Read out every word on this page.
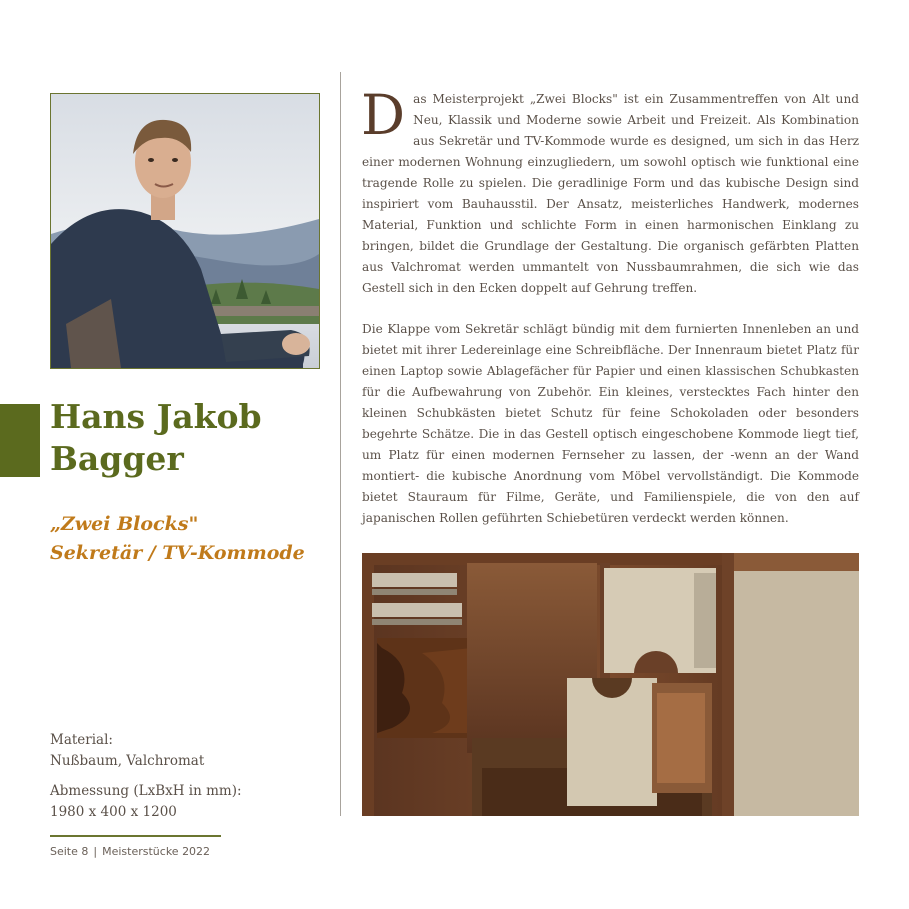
Hans Jakob
Bagger
„Zwei Blocks"
Sekretär / TV-Kommode
Material:
Nußbaum, Valchromat
Abmessung (LxBxH in mm):
1980 x 400 x 1200
Seite 8 | Meisterstücke 2022

Das Meisterprojekt „Zwei Blocks" ist ein Zusammentreffen von Alt und Neu, Klassik und Moderne sowie Arbeit und Freizeit. Als Kombination aus Sekretär und TV-Kommode wurde es designed, um sich in das Herz einer modernen Wohnung einzugliedern, um sowohl optisch wie funktional eine tragende Rolle zu spielen. Die geradlinige Form und das kubische Design sind inspiriert vom Bauhausstil. Der Ansatz, meisterliches Handwerk, modernes Material, Funktion und schlichte Form in einen harmonischen Einklang zu bringen, bildet die Grundlage der Gestaltung. Die organisch gefärbten Platten aus Valchromat werden ummantelt von Nussbaumrahmen, die sich wie das Gestell sich in den Ecken doppelt auf Gehrung treffen.

Die Klappe vom Sekretär schlägt bündig mit dem furnierten Innenleben an und bietet mit ihrer Ledereinlage eine Schreibfläche. Der Innenraum bietet Platz für einen Laptop sowie Ablagefächer für Papier und einen klassischen Schubkasten für die Aufbewahrung von Zubehör. Ein kleines, verstecktes Fach hinter den kleinen Schubkästen bietet Schutz für feine Schokoladen oder besonders begehrte Schätze. Die in das Gestell optisch eingeschobene Kommode liegt tief, um Platz für einen modernen Fernseher zu lassen, der -wenn an der Wand montiert- die kubische Anordnung vom Möbel vervollständigt. Die Kommode bietet Stauraum für Filme, Geräte, und Familienspiele, die von den auf japanischen Rollen geführten Schiebetüren verdeckt werden können.
